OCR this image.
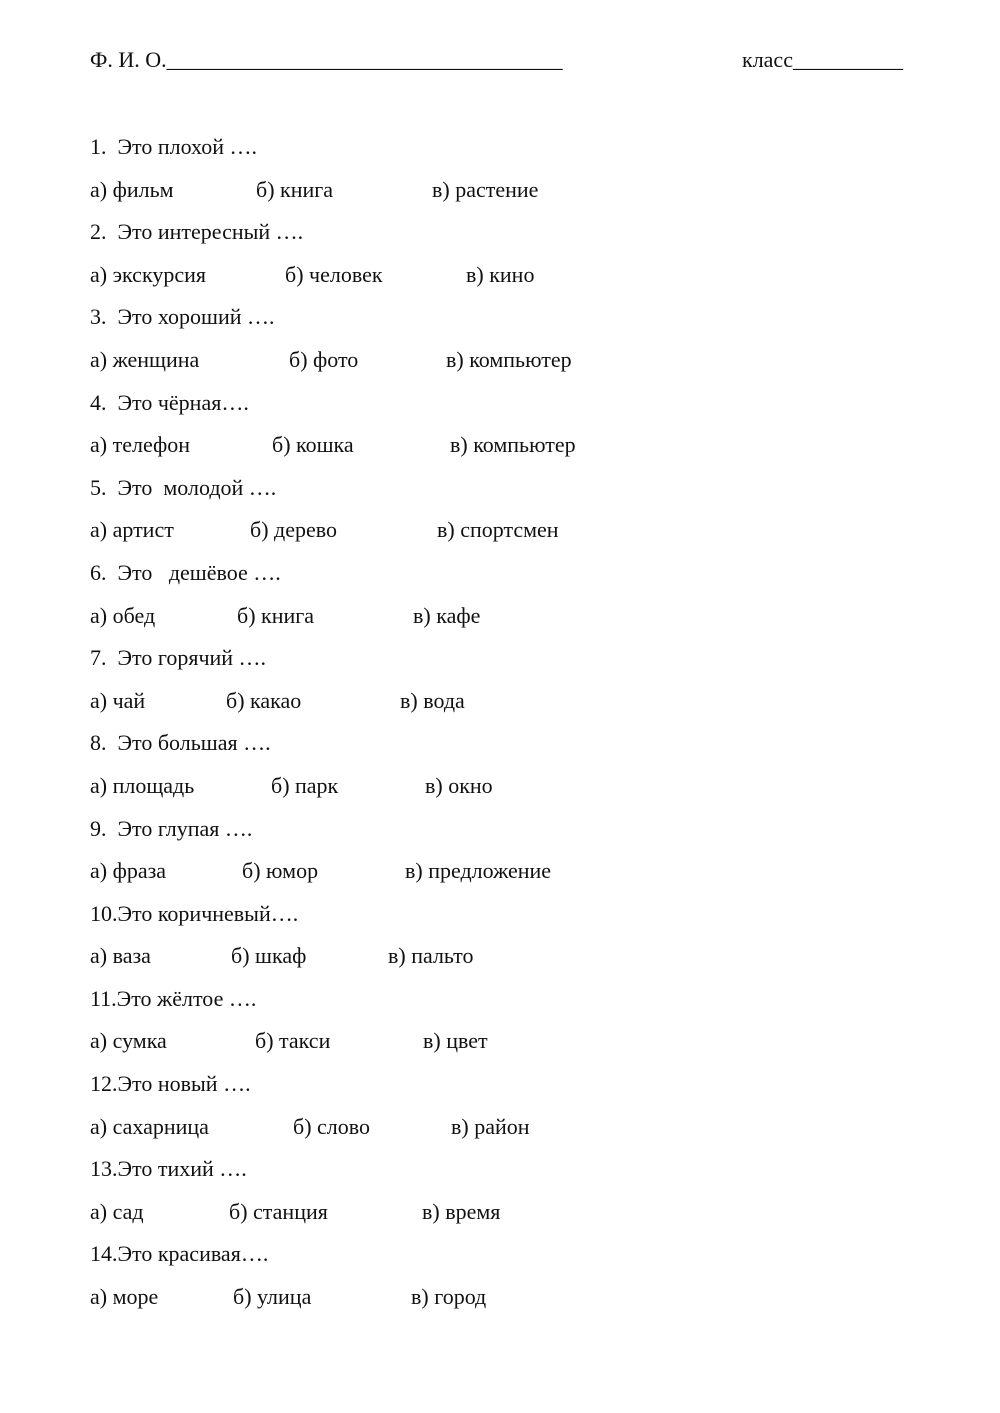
Ф. И. О.____________________________________	класс__________
1.  Это плохой ….
а) фильм	б) книга	в) растение
2.  Это интересный ….
а) экскурсия	б) человек	в) кино
3.  Это хороший ….
а) женщина	б) фото	в) компьютер
4.  Это чёрная….
а) телефон	б) кошка	в) компьютер
5.  Это  молодой ….
а) артист	б) дерево	в) спортсмен
6.  Это   дешёвое ….
а) обед	б) книга	в) кафе
7.  Это горячий ….
а) чай	б) какао	в) вода
8.  Это большая ….
а) площадь	б) парк	в) окно
9.  Это глупая ….
а) фраза	б) юмор	в) предложение
10.Это коричневый….
а) ваза	б) шкаф	в) пальто
11.Это жёлтое ….
а) сумка	б) такси	в) цвет
12.Это новый ….
а) сахарница	б) слово	в) район
13.Это тихий ….
а) сад	б) станция	в) время
14.Это красивая….
а) море	б) улица	в) город
